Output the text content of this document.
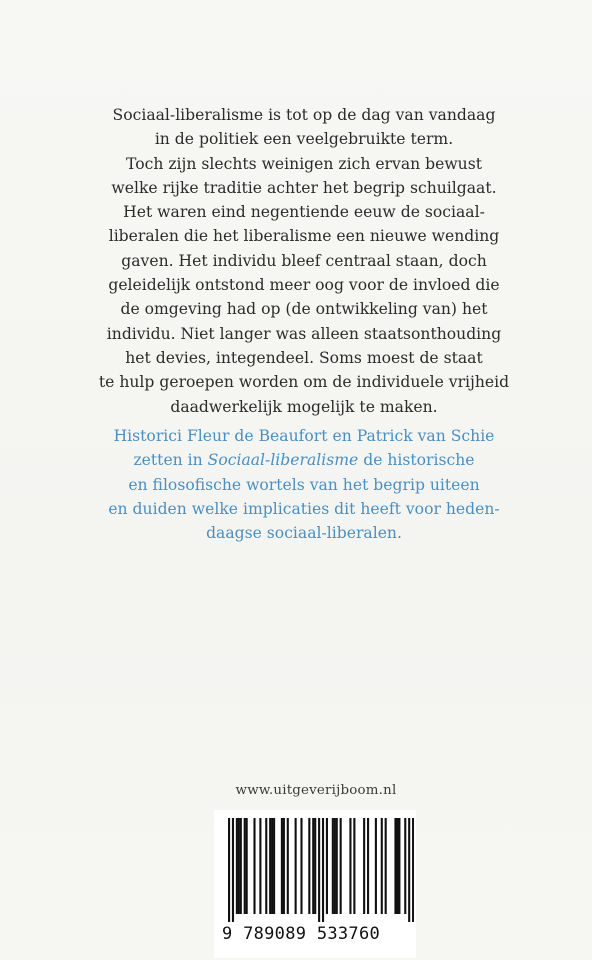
Sociaal-liberalisme is tot op de dag van vandaag
in de politiek een veelgebruikte term.
Toch zijn slechts weinigen zich ervan bewust
welke rijke traditie achter het begrip schuilgaat.
Het waren eind negentiende eeuw de sociaal-
liberalen die het liberalisme een nieuwe wending
gaven. Het individu bleef centraal staan, doch
geleidelijk ontstond meer oog voor de invloed die
de omgeving had op (de ontwikkeling van) het
individu. Niet langer was alleen staatsonthouding
het devies, integendeel. Soms moest de staat
te hulp geroepen worden om de individuele vrijheid
daadwerkelijk mogelijk te maken.

Historici Fleur de Beaufort en Patrick van Schie
zetten in Sociaal-liberalisme de historische
en filosofische wortels van het begrip uiteen
en duiden welke implicaties dit heeft voor heden-
daagse sociaal-liberalen.

www.uitgeverijboom.nl
9 789089 533760
